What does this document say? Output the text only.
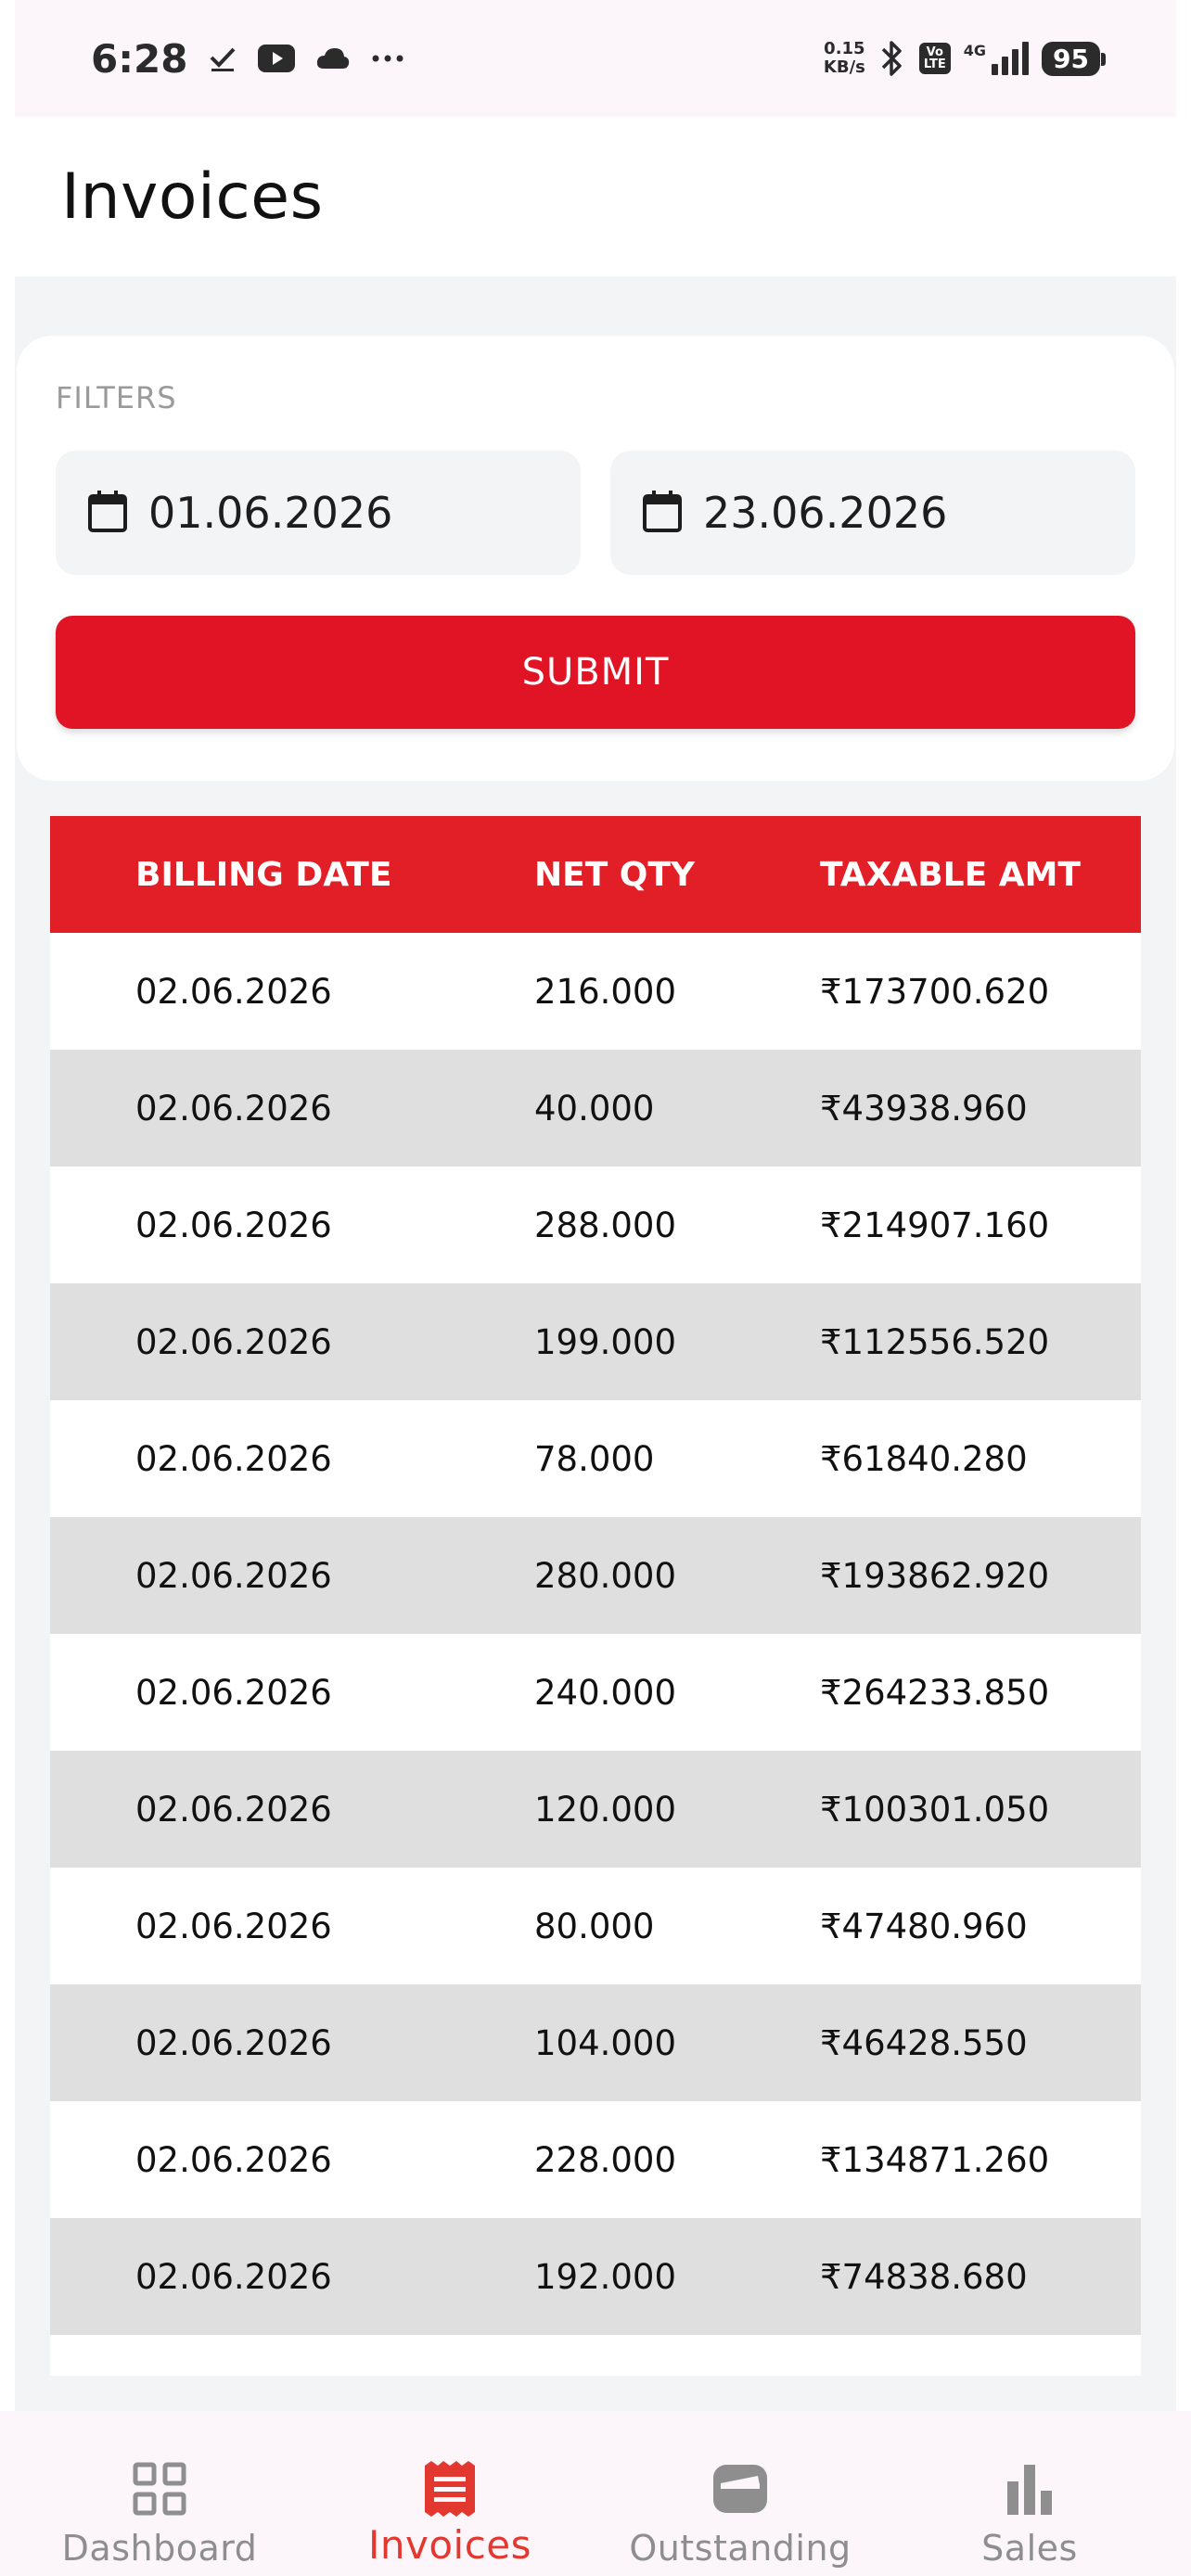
6:28	0.15
KB/s
Vo
LTE
4G	95
Invoices
FILTERS
01.06.2026	23.06.2026
SUBMIT
BILLING DATE	NET QTY	TAXABLE AMT
02.06.2026	216.000	₹173700.620
02.06.2026	40.000	₹43938.960
02.06.2026	288.000	₹214907.160
02.06.2026	199.000	₹112556.520
02.06.2026	78.000	₹61840.280
02.06.2026	280.000	₹193862.920
02.06.2026	240.000	₹264233.850
02.06.2026	120.000	₹100301.050
02.06.2026	80.000	₹47480.960
02.06.2026	104.000	₹46428.550
02.06.2026	228.000	₹134871.260
02.06.2026	192.000	₹74838.680
Dashboard	Invoices	Outstanding	Sales
